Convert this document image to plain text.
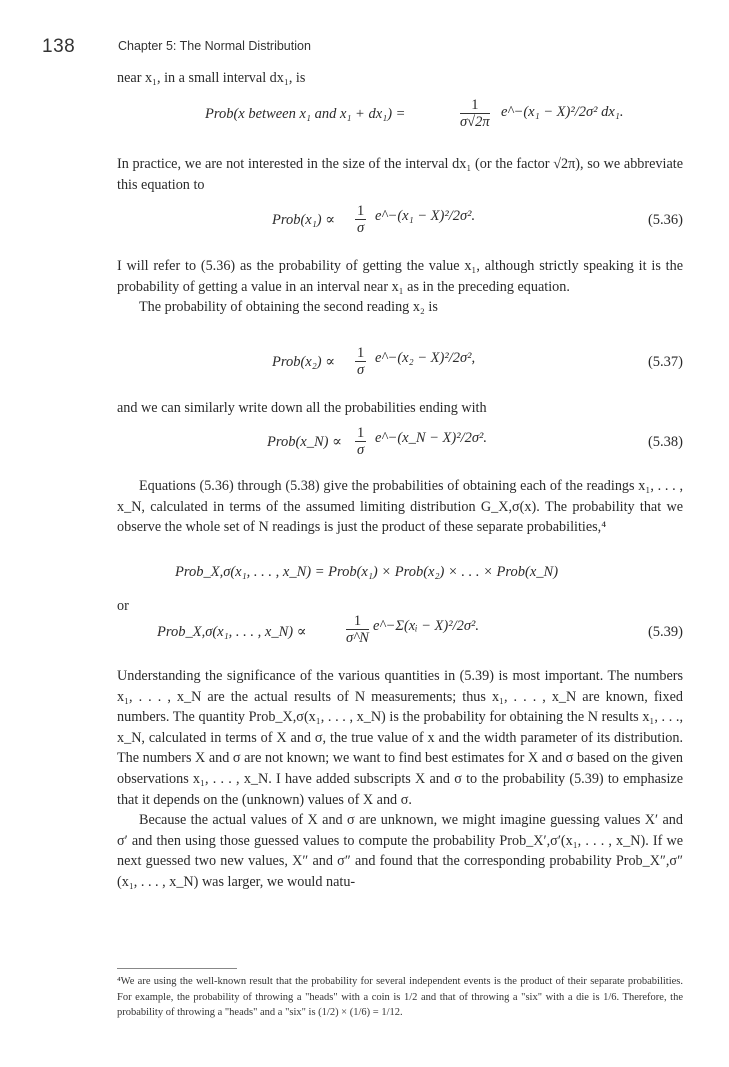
138	Chapter 5: The Normal Distribution

near x₁, in a small interval dx₁, is

Prob(x between x₁ and x₁ + dx₁) =	$\frac{1}{\sigma√2\pi}$ e^−(x₁ − X)²/2σ² dx₁.

In practice, we are not interested in the size of the interval dx₁ (or the factor √2π), so we abbreviate this equation to

Prob(x₁) ∝ $\frac{1}{\sigma}$ e^−(x₁ − X)²/2σ².	(5.36)

I will refer to (5.36) as the probability of getting the value x₁, although strictly speaking it is the probability of getting a value in an interval near x₁ as in the preceding equation.

The probability of obtaining the second reading x₂ is

Prob(x₂) ∝ $\frac{1}{\sigma}$ e^−(x₂ − X)²/2σ²,	(5.37)

and we can similarly write down all the probabilities ending with

Prob(x_N) ∝ $\frac{1}{\sigma}$ e^−(x_N − X)²/2σ².	(5.38)

Equations (5.36) through (5.38) give the probabilities of obtaining each of the readings x₁, . . . , x_N, calculated in terms of the assumed limiting distribution G_X,σ(x). The probability that we observe the whole set of N readings is just the product of these separate probabilities,⁴

Prob_X,σ(x₁, . . . , x_N) = Prob(x₁) × Prob(x₂) × . . . × Prob(x_N)

or

Prob_X,σ(x₁, . . . , x_N) ∝	$\frac{1}{\sigma\^{}N}$ e^−Σ(xᵢ − X)²/2σ².	(5.39)

Understanding the significance of the various quantities in (5.39) is most important. The numbers x₁, . . . , x_N are the actual results of N measurements; thus x₁, . . . , x_N are known, fixed numbers. The quantity Prob_X,σ(x₁, . . . , x_N) is the probability for obtaining the N results x₁, . . ., x_N, calculated in terms of X and σ, the true value of x and the width parameter of its distribution. The numbers X and σ are not known; we want to find best estimates for X and σ based on the given observations x₁, . . . , x_N. I have added subscripts X and σ to the probability (5.39) to emphasize that it depends on the (unknown) values of X and σ.

Because the actual values of X and σ are unknown, we might imagine guessing values X′ and σ′ and then using those guessed values to compute the probability Prob_X′,σ′(x₁, . . . , x_N). If we next guessed two new values, X″ and σ″ and found that the corresponding probability Prob_X″,σ″(x₁, . . . , x_N) was larger, we would natu-

⁴We are using the well-known result that the probability for several independent events is the product of their separate probabilities. For example, the probability of throwing a "heads" with a coin is 1/2 and that of throwing a "six" with a die is 1/6. Therefore, the probability of throwing a "heads" and a "six" is (1/2) × (1/6) = 1/12.
